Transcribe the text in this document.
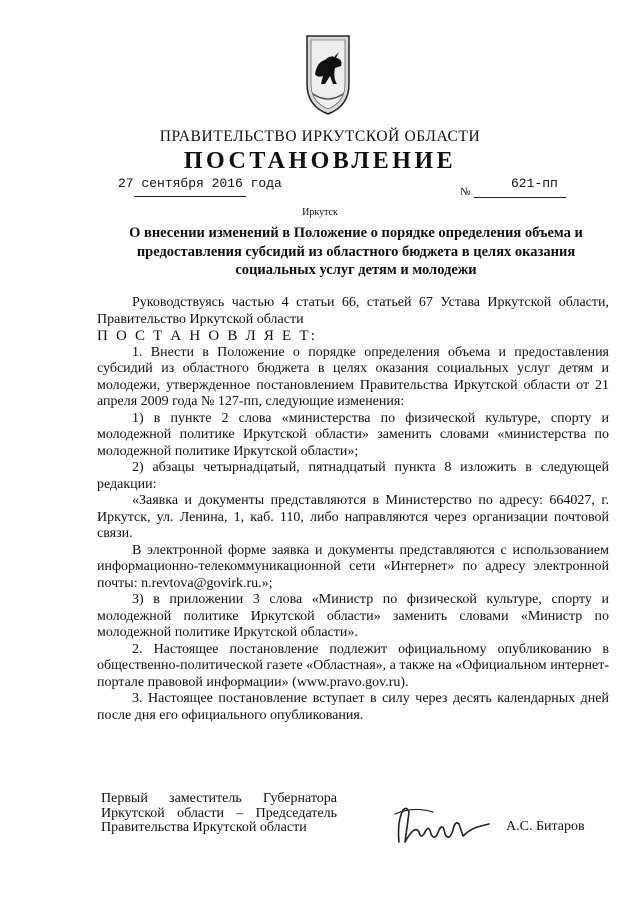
ПРАВИТЕЛЬСТВО ИРКУТСКОЙ ОБЛАСТИ
ПОСТАНОВЛЕНИЕ
27 сентября 2016 года
№
621-пп
Иркутск
О внесении изменений в Положение о порядке определения объема и предоставления субсидий из областного бюджета в целях оказания социальных услуг детям и молодежи

Руководствуясь частью 4 статьи 66, статьей 67 Устава Иркутской области, Правительство Иркутской области

П О С Т А Н О В Л Я Е Т:

1. Внести в Положение о порядке определения объема и предоставления субсидий из областного бюджета в целях оказания социальных услуг детям и молодежи, утвержденное постановлением Правительства Иркутской области от 21 апреля 2009 года № 127-пп, следующие изменения:

1) в пункте 2 слова «министерства по физической культуре, спорту и молодежной политике Иркутской области» заменить словами «министерства по молодежной политике Иркутской области»;

2) абзацы четырнадцатый, пятнадцатый пункта 8 изложить в следующей редакции:

«Заявка и документы представляются в Министерство по адресу: 664027, г. Иркутск, ул. Ленина, 1, каб. 110, либо направляются через организации почтовой связи.

В электронной форме заявка и документы представляются с использованием информационно-телекоммуникационной сети «Интернет» по адресу электронной почты: n.revtova@govirk.ru.»;

3) в приложении 3 слова «Министр по физической культуре, спорту и молодежной политике Иркутской области» заменить словами «Министр по молодежной политике Иркутской области».

2. Настоящее постановление подлежит официальному опубликованию в общественно-политической газете «Областная», а также на «Официальном интернет-портале правовой информации» (www.pravo.gov.ru).

3. Настоящее постановление вступает в силу через десять календарных дней после дня его официального опубликования.

Первый заместитель Губернатора
Иркутской области – Председатель
Правительства Иркутской области	А.С. Битаров
